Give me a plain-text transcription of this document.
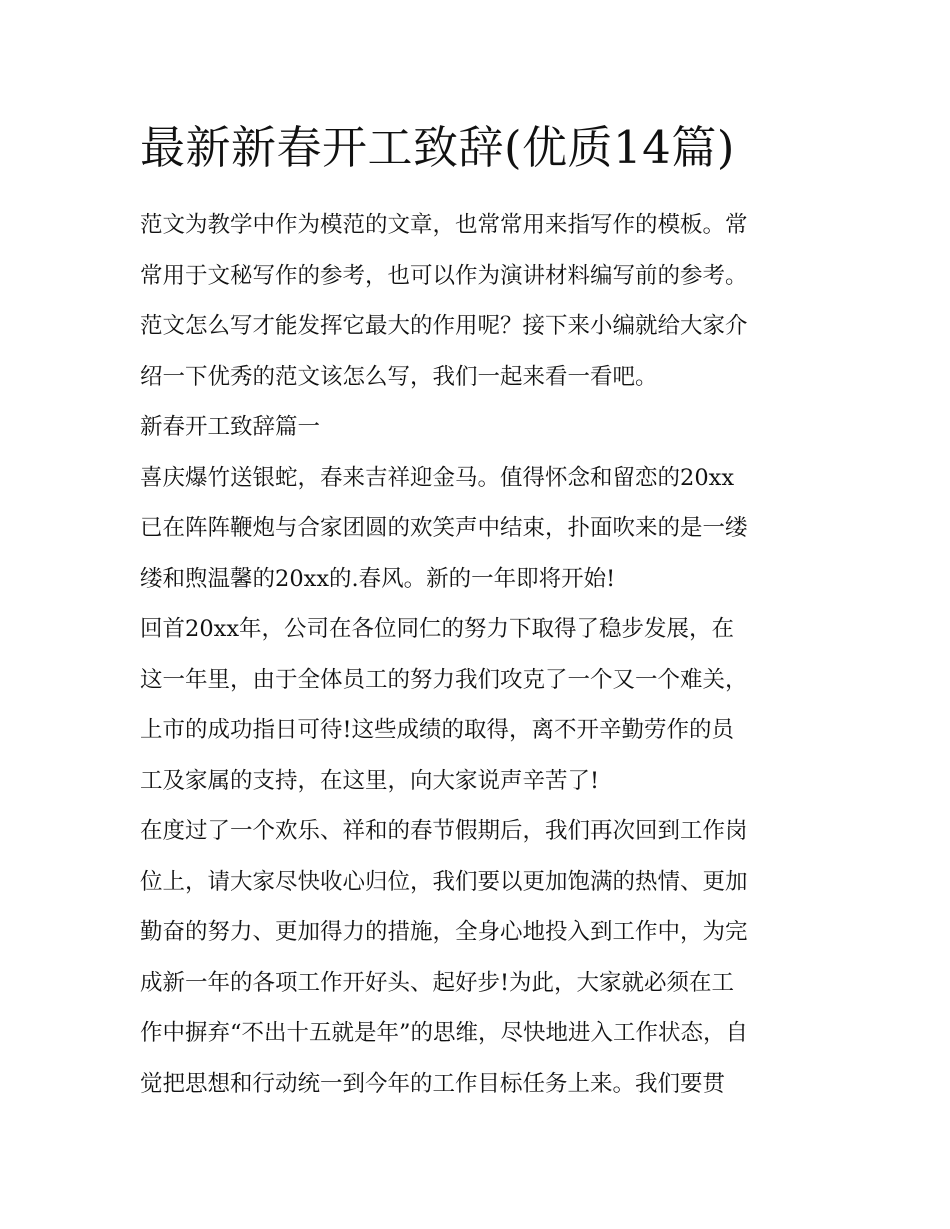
最新新春开工致辞(优质14篇)

范文为教学中作为模范的文章，也常常用来指写作的模板。常

常用于文秘写作的参考，也可以作为演讲材料编写前的参考。

范文怎么写才能发挥它最大的作用呢？接下来小编就给大家介

绍一下优秀的范文该怎么写，我们一起来看一看吧。

新春开工致辞篇一

喜庆爆竹送银蛇，春来吉祥迎金马。值得怀念和留恋的20xx

已在阵阵鞭炮与合家团圆的欢笑声中结束，扑面吹来的是一缕

缕和煦温馨的20xx的.春风。新的一年即将开始!

回首20xx年，公司在各位同仁的努力下取得了稳步发展，在

这一年里，由于全体员工的努力我们攻克了一个又一个难关，

上市的成功指日可待!这些成绩的取得，离不开辛勤劳作的员

工及家属的支持，在这里，向大家说声辛苦了!

在度过了一个欢乐、祥和的春节假期后，我们再次回到工作岗

位上，请大家尽快收心归位，我们要以更加饱满的热情、更加

勤奋的努力、更加得力的措施，全身心地投入到工作中，为完

成新一年的各项工作开好头、起好步!为此，大家就必须在工

作中摒弃“不出十五就是年”的思维，尽快地进入工作状态，自

觉把思想和行动统一到今年的工作目标任务上来。我们要贯
